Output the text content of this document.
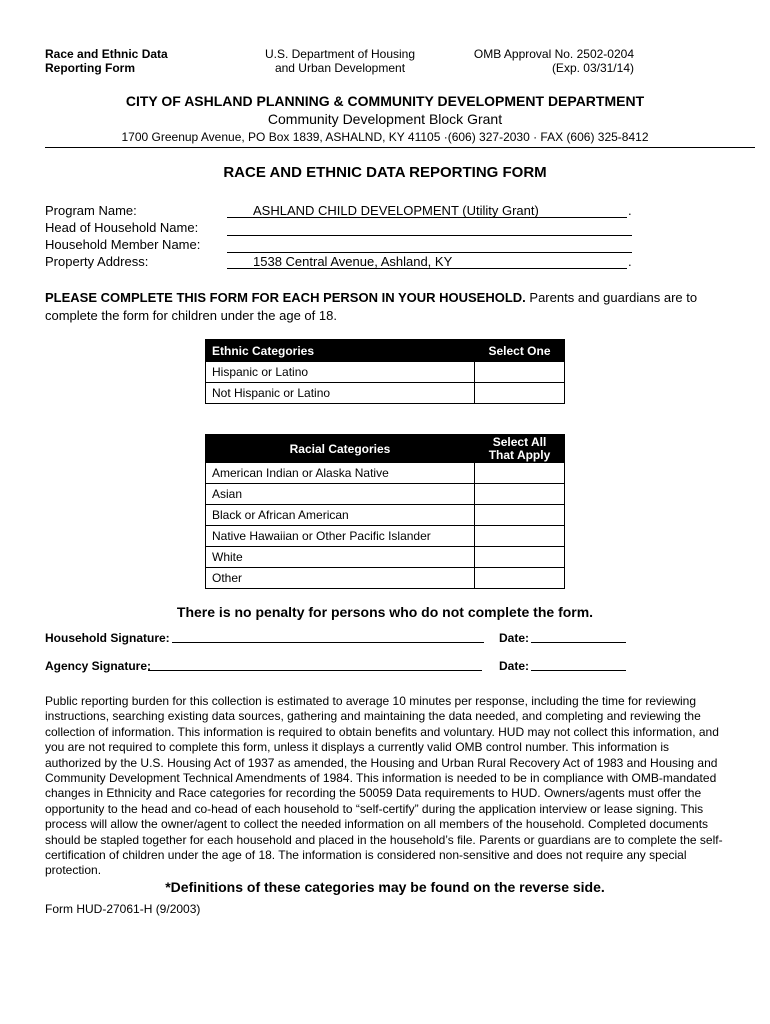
Race and Ethnic Data
Reporting Form
U.S. Department of Housing
and Urban Development
OMB Approval No. 2502-0204
(Exp. 03/31/14)
CITY OF ASHLAND PLANNING & COMMUNITY DEVELOPMENT DEPARTMENT
Community Development Block Grant
1700 Greenup Avenue, PO Box 1839, ASHALND, KY 41105 ·(606) 327-2030 · FAX (606) 325-8412
RACE AND ETHNIC DATA REPORTING FORM
Program Name:	ASHLAND CHILD DEVELOPMENT (Utility Grant)	.
Head of Household Name:
Household Member Name:
Property Address:	1538 Central Avenue, Ashland, KY	.
PLEASE COMPLETE THIS FORM FOR EACH PERSON IN YOUR HOUSEHOLD. Parents and guardians are to complete the form for children under the age of 18.
Ethnic Categories	Select One
Hispanic or Latino	
Not Hispanic or Latino	
Racial Categories	Select All
That Apply

American Indian or Alaska Native	
Asian	
Black or African American	
Native Hawaiian or Other Pacific Islander	
White	
Other	
There is no penalty for persons who do not complete the form.
Household Signature:	Date:
Agency Signature:	Date:
Public reporting burden for this collection is estimated to average 10 minutes per response, including the time for reviewing instructions, searching existing data sources, gathering and maintaining the data needed, and completing and reviewing the collection of information. This information is required to obtain benefits and voluntary. HUD may not collect this information, and you are not required to complete this form, unless it displays a currently valid OMB control number. This information is authorized by the U.S. Housing Act of 1937 as amended, the Housing and Urban Rural Recovery Act of 1983 and Housing and Community Development Technical Amendments of 1984. This information is needed to be in compliance with OMB-mandated changes in Ethnicity and Race categories for recording the 50059 Data requirements to HUD. Owners/agents must offer the opportunity to the head and co-head of each household to “self-certify” during the application interview or lease signing. This process will allow the owner/agent to collect the needed information on all members of the household. Completed documents should be stapled together for each household and placed in the household’s file. Parents or guardians are to complete the self-certification of children under the age of 18. The information is considered non-sensitive and does not require any special protection.
*Definitions of these categories may be found on the reverse side.
Form HUD-27061-H (9/2003)
